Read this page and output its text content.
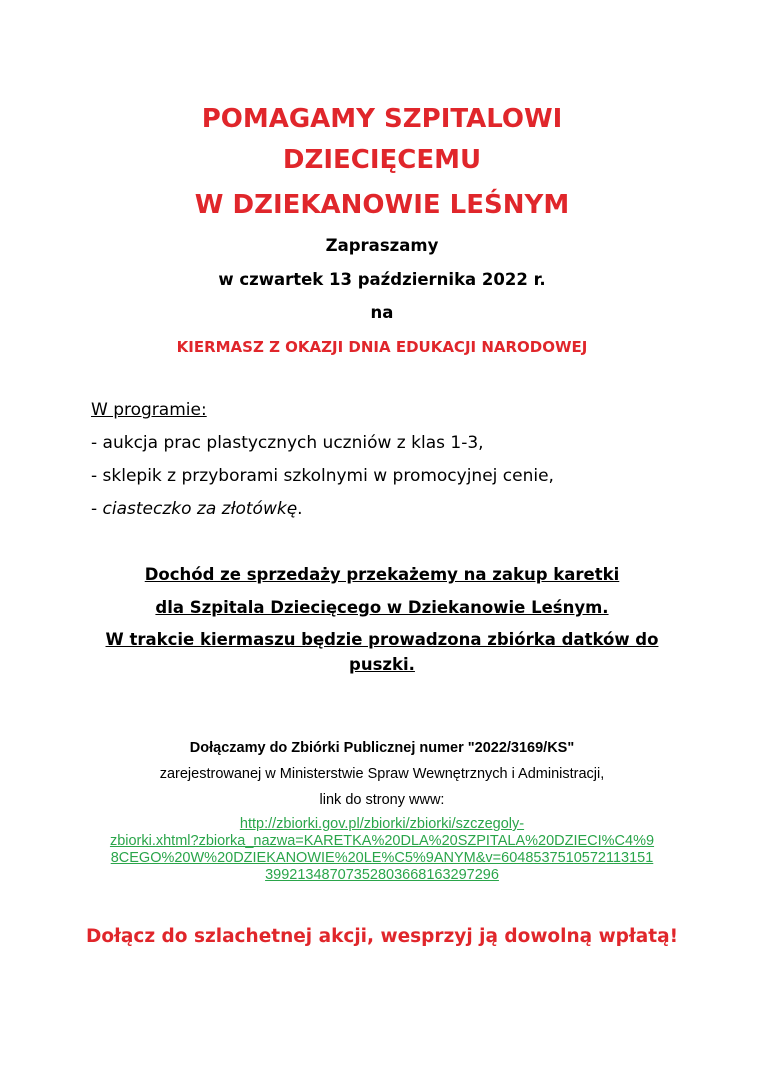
POMAGAMY SZPITALOWI
DZIECIĘCEMU
W DZIEKANOWIE LEŚNYM
Zapraszamy
w czwartek 13 października 2022 r.
na
KIERMASZ Z OKAZJI DNIA EDUKACJI NARODOWEJ
W programie:
- aukcja prac plastycznych uczniów z klas 1-3,
- sklepik z przyborami szkolnymi w promocyjnej cenie,
- ciasteczko za złotówkę.
Dochód ze sprzedaży przekażemy na zakup karetki
dla Szpitala Dziecięcego w Dziekanowie Leśnym.
W trakcie kiermaszu będzie prowadzona zbiórka datków do
puszki.
Dołączamy do Zbiórki Publicznej numer "2022/3169/KS"
zarejestrowanej w Ministerstwie Spraw Wewnętrznych i Administracji,
link do strony www:
http://zbiorki.gov.pl/zbiorki/zbiorki/szczegoly-
zbiorki.xhtml?zbiorka_nazwa=KARETKA%20DLA%20SZPITALA%20DZIECI%C4%9
8CEGO%20W%20DZIEKANOWIE%20LE%C5%9ANYM&v=6048537510572113151
399213487073528036681632972​96
Dołącz do szlachetnej akcji, wesprzyj ją dowolną wpłatą!
